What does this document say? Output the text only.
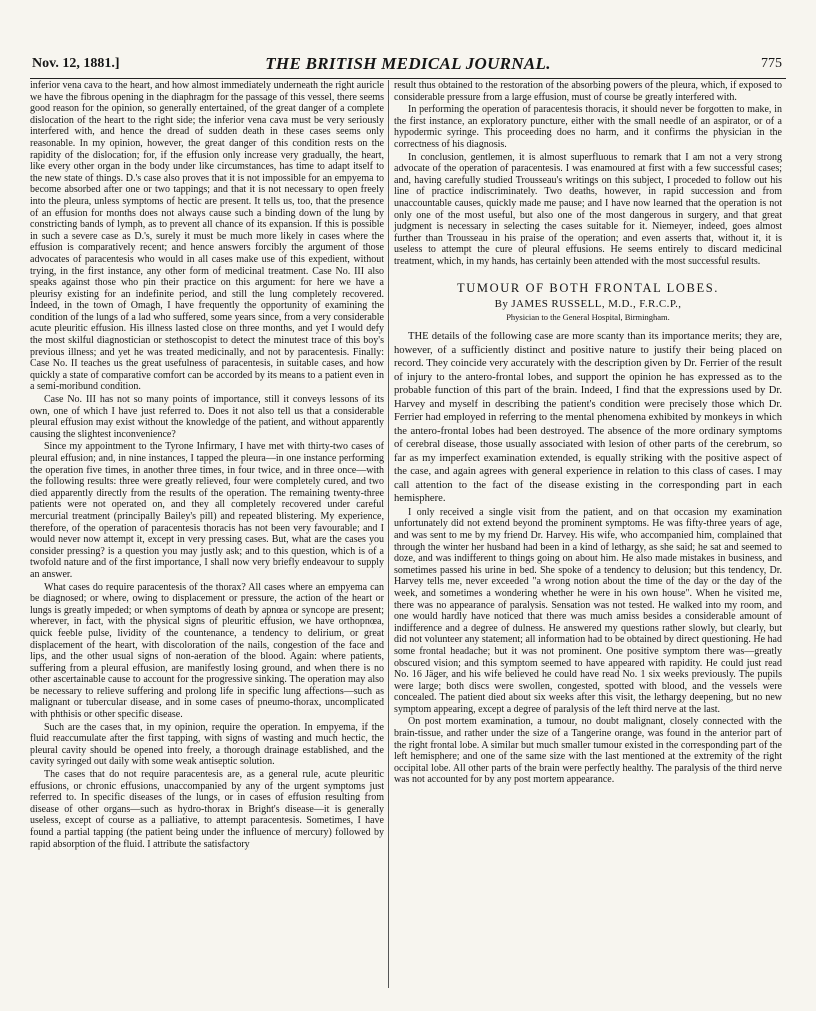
Nov. 12, 1881.]	THE BRITISH MEDICAL JOURNAL.	775

inferior vena cava to the heart, and how almost immediately underneath the right auricle we have the fibrous opening in the diaphragm for the passage of this vessel, there seems good reason for the opinion, so generally entertained, of the great danger of a complete dislocation of the heart to the right side; the inferior vena cava must be very seriously interfered with, and hence the dread of sudden death in these cases seems only reasonable. In my opinion, however, the great danger of this condition rests on the rapidity of the dislocation; for, if the effusion only increase very gradually, the heart, like every other organ in the body under like circumstances, has time to adapt itself to the new state of things. D.'s case also proves that it is not impossible for an empyema to become absorbed after one or two tappings; and that it is not necessary to open freely into the pleura, unless symptoms of hectic are present. It tells us, too, that the presence of an effusion for months does not always cause such a binding down of the lung by constricting bands of lymph, as to prevent all chance of its expansion. If this is possible in such a severe case as D.'s, surely it must be much more likely in cases where the effusion is comparatively recent; and hence answers forcibly the argument of those advocates of paracentesis who would in all cases make use of this expedient, without trying, in the first instance, any other form of medicinal treatment. Case No. III also speaks against those who pin their practice on this argument: for here we have a pleurisy existing for an indefinite period, and still the lung completely recovered. Indeed, in the town of Omagh, I have frequently the opportunity of examining the condition of the lungs of a lad who suffered, some years since, from a very considerable acute pleuritic effusion. His illness lasted close on three months, and yet I would defy the most skilful diagnostician or stethoscopist to detect the minutest trace of this boy's previous illness; and yet he was treated medicinally, and not by paracentesis. Finally: Case No. II teaches us the great usefulness of paracentesis, in suitable cases, and how quickly a state of comparative comfort can be accorded by its means to a patient even in a semi-moribund condition.

Case No. III has not so many points of importance, still it conveys lessons of its own, one of which I have just referred to. Does it not also tell us that a considerable pleural effusion may exist without the knowledge of the patient, and without apparently causing the slightest inconvenience?

Since my appointment to the Tyrone Infirmary, I have met with thirty-two cases of pleural effusion; and, in nine instances, I tapped the pleura—in one instance performing the operation five times, in another three times, in four twice, and in three once—with the following results: three were greatly relieved, four were completely cured, and two died apparently directly from the results of the operation. The remaining twenty-three patients were not operated on, and they all completely recovered under careful mercurial treatment (principally Bailey's pill) and repeated blistering. My experience, therefore, of the operation of paracentesis thoracis has not been very favourable; and I would never now attempt it, except in very pressing cases. But, what are the cases you consider pressing? is a question you may justly ask; and to this question, which is of a twofold nature and of the first importance, I shall now very briefly endeavour to supply an answer.

What cases do require paracentesis of the thorax? All cases where an empyema can be diagnosed; or where, owing to displacement or pressure, the action of the heart or lungs is greatly impeded; or when symptoms of death by apnœa or syncope are present; wherever, in fact, with the physical signs of pleuritic effusion, we have orthopnœa, quick feeble pulse, lividity of the countenance, a tendency to delirium, or great displacement of the heart, with discoloration of the nails, congestion of the face and lips, and the other usual signs of non-aeration of the blood. Again: where patients, suffering from a pleural effusion, are manifestly losing ground, and when there is no other ascertainable cause to account for the progressive sinking. The operation may also be necessary to relieve suffering and prolong life in specific lung affections—such as malignant or tubercular disease, and in some cases of pneumo-thorax, uncomplicated with phthisis or other specific disease.

Such are the cases that, in my opinion, require the operation. In empyema, if the fluid reaccumulate after the first tapping, with signs of wasting and much hectic, the pleural cavity should be opened into freely, a thorough drainage established, and the cavity syringed out daily with some weak antiseptic solution.

The cases that do not require paracentesis are, as a general rule, acute pleuritic effusions, or chronic effusions, unaccompanied by any of the urgent symptoms just referred to. In specific diseases of the lungs, or in cases of effusion resulting from disease of other organs—such as hydro-thorax in Bright's disease—it is generally useless, except of course as a palliative, to attempt paracentesis. Sometimes, I have found a partial tapping (the patient being under the influence of mercury) followed by rapid absorption of the fluid. I attribute the satisfactory

result thus obtained to the restoration of the absorbing powers of the pleura, which, if exposed to considerable pressure from a large effusion, must of course be greatly interfered with.

In performing the operation of paracentesis thoracis, it should never be forgotten to make, in the first instance, an exploratory puncture, either with the small needle of an aspirator, or of a hypodermic syringe. This proceeding does no harm, and it confirms the physician in the correctness of his diagnosis.

In conclusion, gentlemen, it is almost superfluous to remark that I am not a very strong advocate of the operation of paracentesis. I was enamoured at first with a few successful cases; and, having carefully studied Trousseau's writings on this subject, I proceded to follow out his line of practice indiscriminately. Two deaths, however, in rapid succession and from unaccountable causes, quickly made me pause; and I have now learned that the operation is not only one of the most useful, but also one of the most dangerous in surgery, and that great judgment is necessary in selecting the cases suitable for it. Niemeyer, indeed, goes almost further than Trousseau in his praise of the operation; and even asserts that, without it, it is useless to attempt the cure of pleural effusions. He seems entirely to discard medicinal treatment, which, in my hands, has certainly been attended with the most successful results.

TUMOUR OF BOTH FRONTAL LOBES.
By JAMES RUSSELL, M.D., F.R.C.P.,
Physician to the General Hospital, Birmingham.

THE details of the following case are more scanty than its importance merits; they are, however, of a sufficiently distinct and positive nature to justify their being placed on record. They coincide very accurately with the description given by Dr. Ferrier of the result of injury to the antero-frontal lobes, and support the opinion he has expressed as to the probable function of this part of the brain. Indeed, I find that the expressions used by Dr. Harvey and myself in describing the patient's condition were precisely those which Dr. Ferrier had employed in referring to the mental phenomena exhibited by monkeys in which the antero-frontal lobes had been destroyed. The absence of the more ordinary symptoms of cerebral disease, those usually associated with lesion of other parts of the cerebrum, so far as my imperfect examination extended, is equally striking with the positive aspect of the case, and again agrees with general experience in relation to this class of cases. I may call attention to the fact of the disease existing in the corresponding part in each hemisphere.

I only received a single visit from the patient, and on that occasion my examination unfortunately did not extend beyond the prominent symptoms. He was fifty-three years of age, and was sent to me by my friend Dr. Harvey. His wife, who accompanied him, complained that through the winter her husband had been in a kind of lethargy, as she said; he sat and seemed to doze, and was indifferent to things going on about him. He also made mistakes in business, and sometimes passed his urine in bed. She spoke of a tendency to delusion; but this tendency, Dr. Harvey tells me, never exceeded "a wrong notion about the time of the day or the day of the week, and sometimes a wondering whether he were in his own house". When he visited me, there was no appearance of paralysis. Sensation was not tested. He walked into my room, and one would hardly have noticed that there was much amiss besides a considerable amount of indifference and a degree of dulness. He answered my questions rather slowly, but clearly, but did not volunteer any statement; all information had to be obtained by direct questioning. He had some frontal headache; but it was not prominent. One positive symptom there was—greatly obscured vision; and this symptom seemed to have appeared with rapidity. He could just read No. 16 Jäger, and his wife believed he could have read No. 1 six weeks previously. The pupils were large; both discs were swollen, congested, spotted with blood, and the vessels were concealed. The patient died about six weeks after this visit, the lethargy deepening, but no new symptom appearing, except a degree of paralysis of the left third nerve at the last.

On post mortem examination, a tumour, no doubt malignant, closely connected with the brain-tissue, and rather under the size of a Tangerine orange, was found in the anterior part of the right frontal lobe. A similar but much smaller tumour existed in the corresponding part of the left hemisphere; and one of the same size with the last mentioned at the extremity of the right occipital lobe. All other parts of the brain were perfectly healthy. The paralysis of the third nerve was not accounted for by any post mortem appearance.
